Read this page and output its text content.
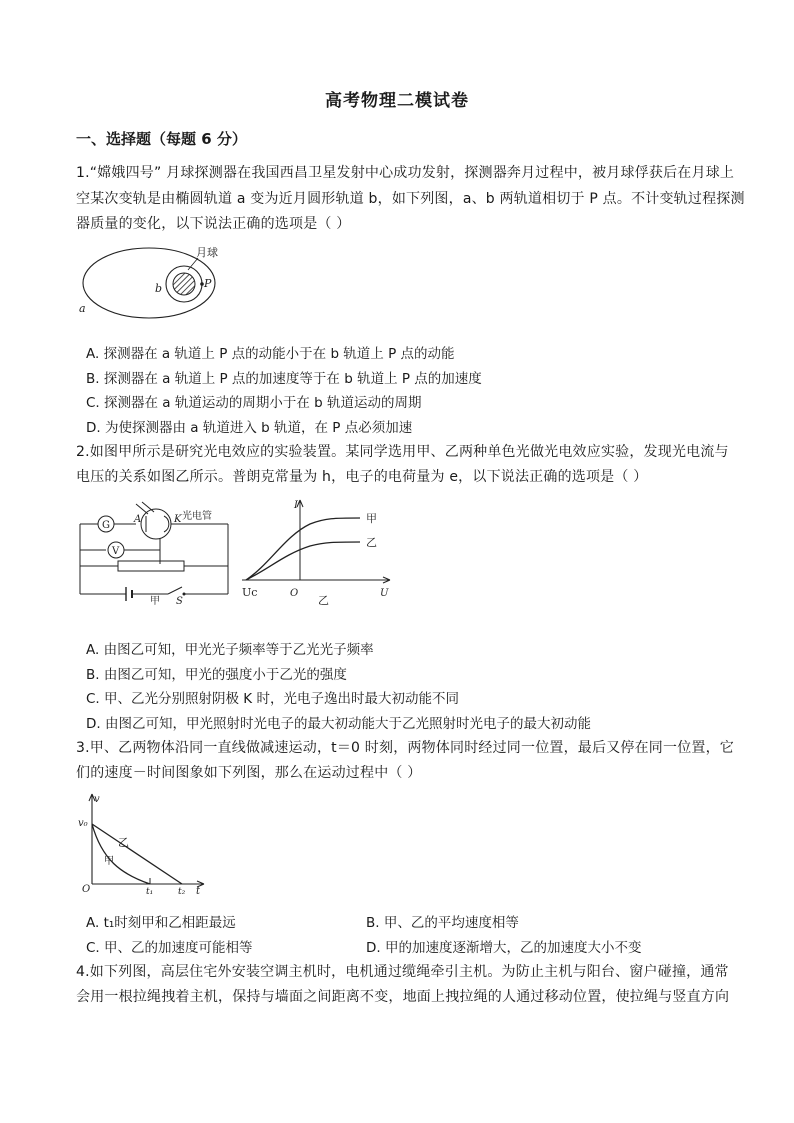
高考物理二模试卷
一、选择题（每题 6 分）
1.“嫦娥四号” 月球探测器在我国西昌卫星发射中心成功发射，探测器奔月过程中，被月球俘获后在月球上
空某次变轨是由椭圆轨道 a 变为近月圆形轨道 b，如下列图，a、b 两轨道相切于 P 点。不计变轨过程探测
器质量的变化，以下说法正确的选项是（ ）
月球
a
b	P
A. 探测器在 a 轨道上 P 点的动能小于在 b 轨道上 P 点的动能
B. 探测器在 a 轨道上 P 点的加速度等于在 b 轨道上 P 点的加速度
C. 探测器在 a 轨道运动的周期小于在 b 轨道运动的周期
D. 为使探测器由 a 轨道进入 b 轨道，在 P 点必须加速
2.如图甲所示是研究光电效应的实验装置。某同学选用甲、乙两种单色光做光电效应实验，发现光电流与
电压的关系如图乙所示。普朗克常量为 h，电子的电荷量为 e，以下说法正确的选项是（ ）
G
V
A	K 光电管
S
甲
I
甲
乙
Uc	O	U
乙
A. 由图乙可知，甲光光子频率等于乙光光子频率
B. 由图乙可知，甲光的强度小于乙光的强度
C. 甲、乙光分别照射阴极 K 时，光电子逸出时最大初动能不同
D. 由图乙可知，甲光照射时光电子的最大初动能大于乙光照射时光电子的最大初动能
3.甲、乙两物体沿同一直线做减速运动，t＝0 时刻，两物体同时经过同一位置，最后又停在同一位置，它
们的速度－时间图象如下列图，那么在运动过程中（ ）
v
v₀
乙
甲
O	t₁	t₂ t
A. t₁时刻甲和乙相距最远	B. 甲、乙的平均速度相等
C. 甲、乙的加速度可能相等	D. 甲的加速度逐渐增大，乙的加速度大小不变
4.如下列图，高层住宅外安装空调主机时，电机通过缆绳牵引主机。为防止主机与阳台、窗户碰撞，通常
会用一根拉绳拽着主机，保持与墙面之间距离不变，地面上拽拉绳的人通过移动位置，使拉绳与竖直方向
